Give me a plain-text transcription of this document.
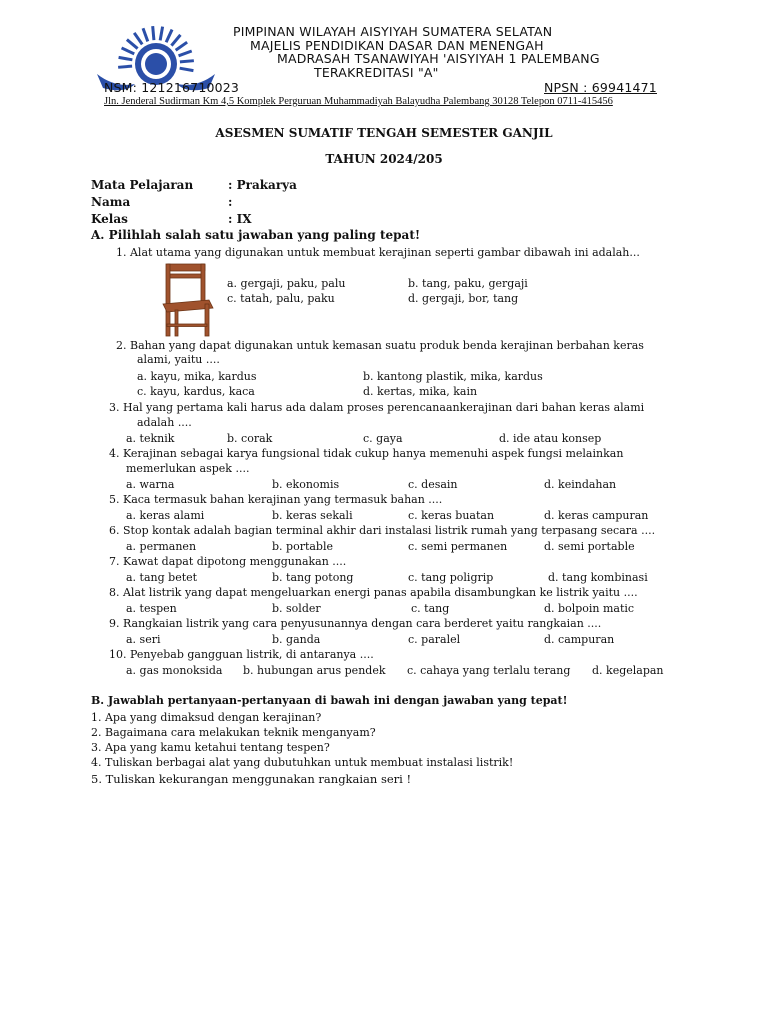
PIMPINAN WILAYAH AISYIYAH SUMATERA SELATAN
MAJELIS PENDIDIKAN DASAR DAN MENENGAH
MADRASAH TSANAWIYAH 'AISYIYAH 1 PALEMBANG
TERAKREDITASI "A"
NSM: 121216710023	NPSN : 69941471
Jln. Jenderal Sudirman Km 4,5 Komplek Perguruan Muhammadiyah Balayudha Palembang 30128 Telepon 0711-415456
ASESMEN SUMATIF TENGAH SEMESTER GANJIL
TAHUN 2024/205
Mata Pelajaran	: Prakarya
Nama	:
Kelas	: IX
A. Pilihlah salah satu jawaban yang paling tepat!
1. Alat utama yang digunakan untuk membuat kerajinan seperti gambar dibawah ini adalah...
a. gergaji, paku, palu	b. tang, paku, gergaji
c. tatah, palu, paku	d. gergaji, bor, tang
2. Bahan yang dapat digunakan untuk kemasan suatu produk benda kerajinan berbahan keras
alami, yaitu ....
a. kayu, mika, kardus	b. kantong plastik, mika, kardus
c. kayu, kardus, kaca	d. kertas, mika, kain
3. Hal yang pertama kali harus ada dalam proses perencanaankerajinan dari bahan keras alami
adalah ....
a. teknik	b. corak	c. gaya	d. ide atau konsep
4. Kerajinan sebagai karya fungsional tidak cukup hanya memenuhi aspek fungsi melainkan
memerlukan aspek ....
a. warna	b. ekonomis	c. desain	d. keindahan
5. Kaca termasuk bahan kerajinan yang termasuk bahan ....
a. keras alami	b. keras sekali	c. keras buatan	d. keras campuran
6. Stop kontak adalah bagian terminal akhir dari instalasi listrik rumah yang terpasang secara ....
a. permanen	b. portable	c. semi permanen	d. semi portable
7. Kawat dapat dipotong menggunakan ....
a. tang betet	b. tang potong	c. tang poligrip	d. tang kombinasi
8. Alat listrik yang dapat mengeluarkan energi panas apabila disambungkan ke listrik yaitu ....
a. tespen	b. solder	c. tang	d. bolpoin matic
9. Rangkaian listrik yang cara penyusunannya dengan cara berderet yaitu rangkaian ....
a. seri	b. ganda	c. paralel	d. campuran
10. Penyebab gangguan listrik, di antaranya ....
a. gas monoksida b. hubungan arus pendek c. cahaya yang terlalu terang d. kegelapan
B. Jawablah pertanyaan-pertanyaan di bawah ini dengan jawaban yang tepat!
1. Apa yang dimaksud dengan kerajinan?
2. Bagaimana cara melakukan teknik menganyam?
3. Apa yang kamu ketahui tentang tespen?
4. Tuliskan berbagai alat yang dubutuhkan untuk membuat instalasi listrik!
5. Tuliskan kekurangan menggunakan rangkaian seri !
